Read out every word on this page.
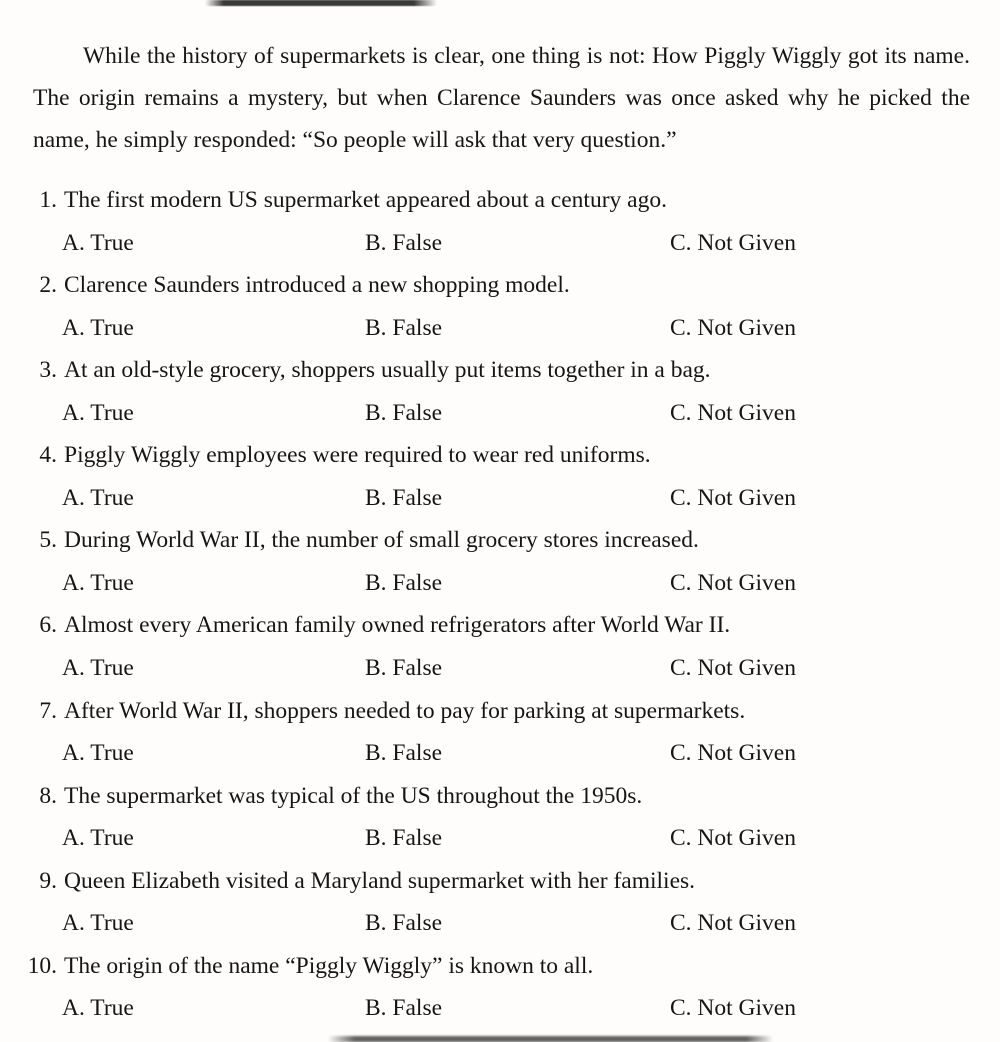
While the history of supermarkets is clear, one thing is not: How Piggly Wiggly got its name. The origin remains a mystery, but when Clarence Saunders was once asked why he picked the name, he simply responded: “So people will ask that very question.”

1. The first modern US supermarket appeared about a century ago.
A. True	B. False	C. Not Given
2. Clarence Saunders introduced a new shopping model.
A. True	B. False	C. Not Given
3. At an old-style grocery, shoppers usually put items together in a bag.
A. True	B. False	C. Not Given
4. Piggly Wiggly employees were required to wear red uniforms.
A. True	B. False	C. Not Given
5. During World War II, the number of small grocery stores increased.
A. True	B. False	C. Not Given
6. Almost every American family owned refrigerators after World War II.
A. True	B. False	C. Not Given
7. After World War II, shoppers needed to pay for parking at supermarkets.
A. True	B. False	C. Not Given
8. The supermarket was typical of the US throughout the 1950s.
A. True	B. False	C. Not Given
9. Queen Elizabeth visited a Maryland supermarket with her families.
A. True	B. False	C. Not Given
10. The origin of the name “Piggly Wiggly” is known to all.
A. True	B. False	C. Not Given
